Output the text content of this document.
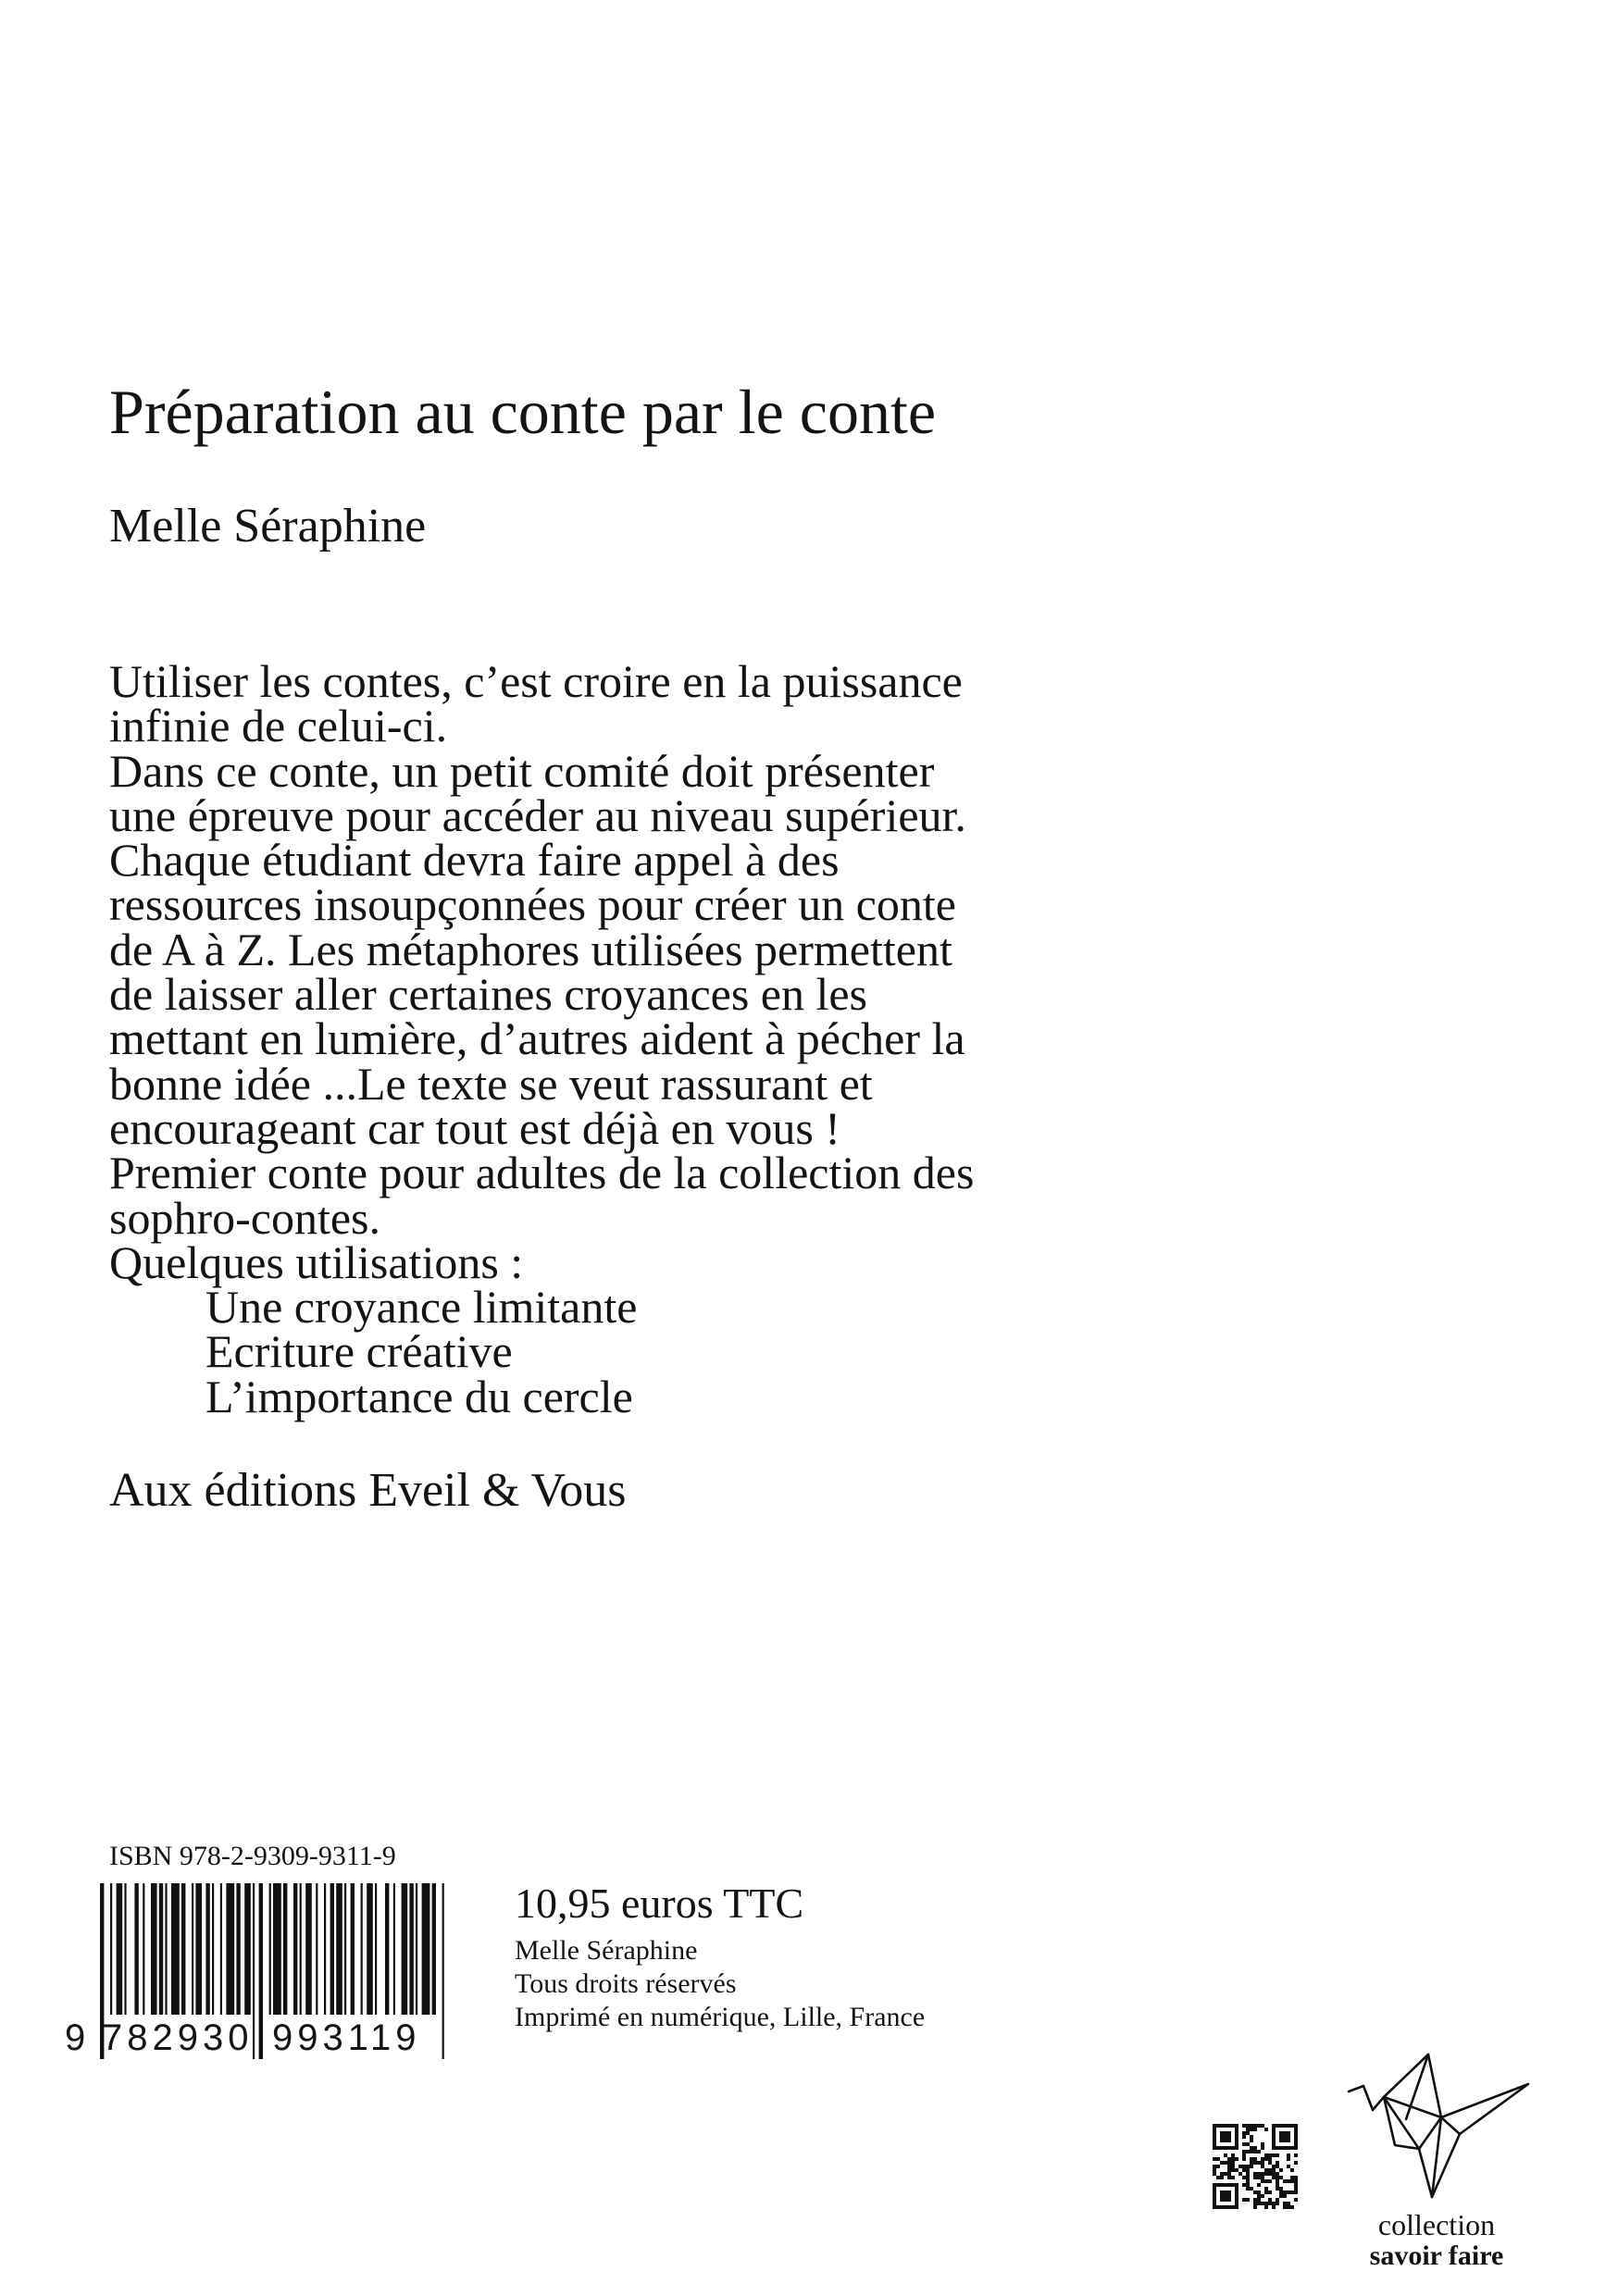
Préparation au conte par le conte
Melle Séraphine
Utiliser les contes, c’est croire en la puissance
infinie de celui-ci.
Dans ce conte, un petit comité doit présenter
une épreuve pour accéder au niveau supérieur.
Chaque étudiant devra faire appel à des
ressources insoupçonnées pour créer un conte
de A à Z. Les métaphores utilisées permettent
de laisser aller certaines croyances en les
mettant en lumière, d’autres aident à pécher la
bonne idée ...Le texte se veut rassurant et
encourageant car tout est déjà en vous !
Premier conte pour adultes de la collection des
sophro-contes.
Quelques utilisations :
Une croyance limitante
Ecriture créative
L’importance du cercle
Aux éditions Eveil & Vous
ISBN 978-2-9309-9311-9
9 782930 993119
10,95 euros TTC
Melle Séraphine
Tous droits réservés
Imprimé en numérique, Lille, France
collection
savoir faire
